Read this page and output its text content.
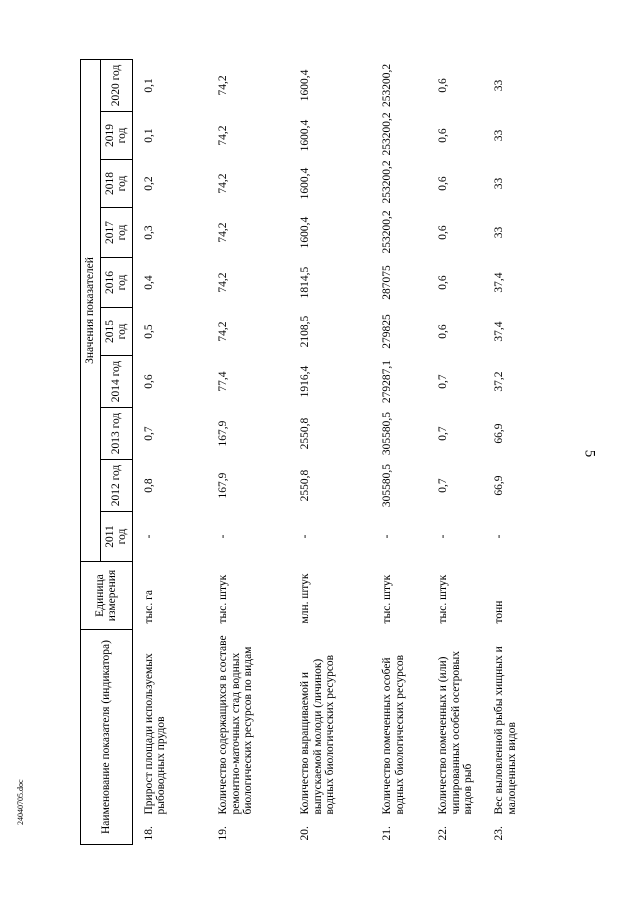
5
24040705.doc	Наименование показателя (индикатора)	Единица измерения	Значения показателей									
		2011 год	2012 год	2013 год	2014 год	2015 год	2016 год	2017 год	2018 год	2019 год	2020 год

18.
Прирост площади используемых рыбоводных прудов	тыс. га	-	0,8	0,7	0,6	0,5	0,4	0,3	0,2	0,1	0,1

19.
Количество содержащихся в составе ремонтно-маточных стад водных биологических ресурсов по видам	тыс. штук	-	167,9	167,9	77,4	74,2	74,2	74,2	74,2	74,2	74,2

20.
Количество выращиваемой и выпускаемой молоди (личинок) водных биологических ресурсов	млн. штук	-	2550,8	2550,8	1916,4	2108,5	1814,5	1600,4	1600,4	1600,4	1600,4

21.
Количество помеченных особей водных биологических ресурсов	тыс. штук	-	305580,5	305580,5	279287,1	279825	287075	253200,2	253200,2	253200,2	253200,2

22.
Количество помеченных и (или) чипированных особей осетровых видов рыб	тыс. штук	-	0,7	0,7	0,7	0,6	0,6	0,6	0,6	0,6	0,6

23.
Вес выловленной рыбы хищных и малоценных видов	тонн	-	66,9	66,9	37,2	37,4	37,4	33	33	33	33
